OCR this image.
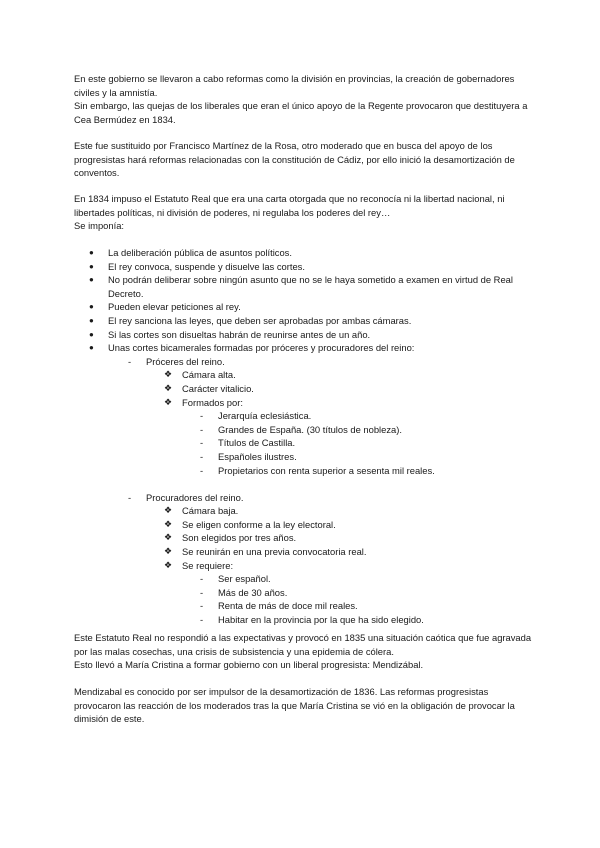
En este gobierno se llevaron a cabo reformas como la división en provincias, la creación de gobernadores civiles y la amnistía.
Sin embargo, las quejas de los liberales que eran el único apoyo de la Regente provocaron que destituyera a Cea Bermúdez en 1834.

Este fue sustituido por Francisco Martínez de la Rosa, otro moderado que en busca del apoyo de los progresistas hará reformas relacionadas con la constitución de Cádiz, por ello inició la desamortización de conventos.

En 1834 impuso el Estatuto Real que era una carta otorgada que no reconocía ni la libertad nacional, ni libertades políticas, ni división de poderes, ni regulaba los poderes del rey…
Se imponía:

● La deliberación pública de asuntos políticos.
● El rey convoca, suspende y disuelve las cortes.
● No podrán deliberar sobre ningún asunto que no se le haya sometido a examen en virtud de Real Decreto.
● Pueden elevar peticiones al rey.
● El rey sanciona las leyes, que deben ser aprobadas por ambas cámaras.
● Si las cortes son disueltas habrán de reunirse antes de un año.
● Unas cortes bicamerales formadas por próceres y procuradores del reino:
- Próceres del reino.
❖ Cámara alta.
❖ Carácter vitalicio.
❖ Formados por:
- Jerarquía eclesiástica.
- Grandes de España. (30 títulos de nobleza).
- Títulos de Castilla.
- Españoles ilustres.
- Propietarios con renta superior a sesenta mil reales.
- Procuradores del reino.
❖ Cámara baja.
❖ Se eligen conforme a la ley electoral.
❖ Son elegidos por tres años.
❖ Se reunirán en una previa convocatoria real.
❖ Se requiere:
- Ser español.
- Más de 30 años.
- Renta de más de doce mil reales.
- Habitar en la provincia por la que ha sido elegido.

Este Estatuto Real no respondió a las expectativas y provocó en 1835 una situación caótica que fue agravada por las malas cosechas, una crisis de subsistencia y una epidemia de cólera.
Esto llevó a María Cristina a formar gobierno con un liberal progresista: Mendizábal.

Mendizabal es conocido por ser impulsor de la desamortización de 1836. Las reformas progresistas provocaron las reacción de los moderados tras la que María Cristina se vió en la obligación de provocar la dimisión de este.
